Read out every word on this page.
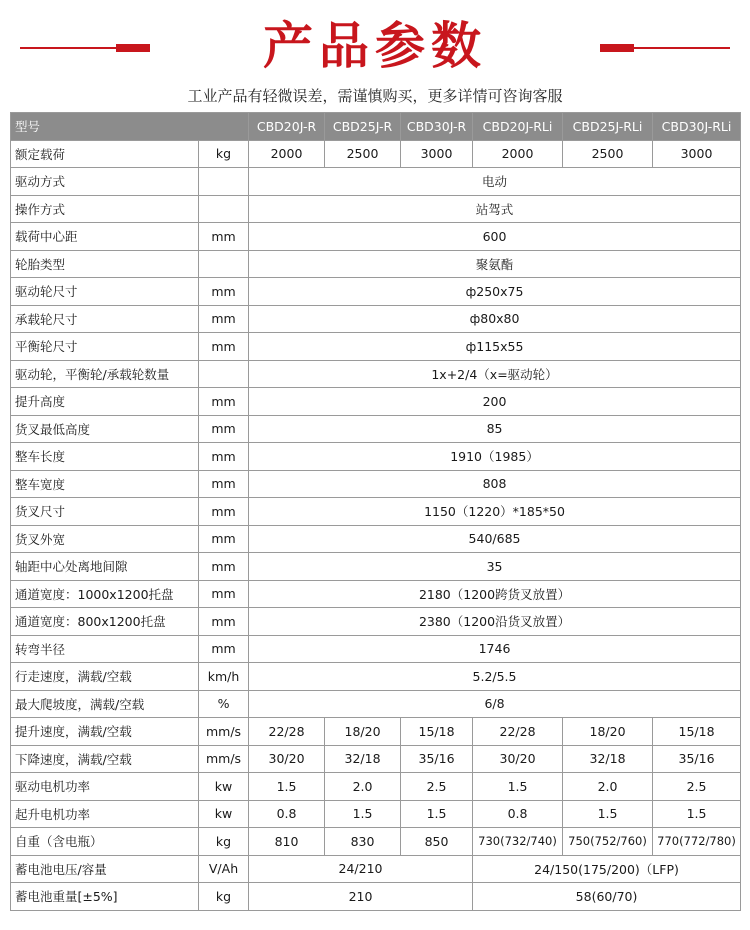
产品参数
工业产品有轻微误差，需谨慎购买，更多详情可咨询客服
型号		CBD20J-R	CBD25J-R	CBD30J-R	CBD20J-RLi	CBD25J-RLi	CBD30J-RLi
额定载荷	kg	2000	2500	3000	2000	2500	3000
驱动方式		电动					
操作方式		站驾式					
载荷中心距	mm	600					
轮胎类型		聚氨酯					
驱动轮尺寸	mm	ф250x75					
承载轮尺寸	mm	ф80x80					
平衡轮尺寸	mm	ф115x55					
驱动轮，平衡轮/承载轮数量		1x+2/4（x=驱动轮）					
提升高度	mm	200					
货叉最低高度	mm	85					
整车长度	mm	1910（1985）					
整车宽度	mm	808					
货叉尺寸	mm	1150（1220）*185*50					
货叉外宽	mm	540/685					
轴距中心处离地间隙	mm	35					
通道宽度：1000x1200托盘	mm	2180（1200跨货叉放置）					
通道宽度：800x1200托盘	mm	2380（1200沿货叉放置）					
转弯半径	mm	1746					
行走速度，满载/空载	km/h	5.2/5.5					
最大爬坡度，满载/空载	%	6/8					
提升速度，满载/空载	mm/s	22/28	18/20	15/18	22/28	18/20	15/18
下降速度，满载/空载	mm/s	30/20	32/18	35/16	30/20	32/18	35/16
驱动电机功率	kw	1.5	2.0	2.5	1.5	2.0	2.5
起升电机功率	kw	0.8	1.5	1.5	0.8	1.5	1.5
自重（含电瓶）	kg	810	830	850	730(732/740)	750(752/760)	770(772/780)
蓄电池电压/容量	V/Ah	24/210			24/150(175/200)（LFP)		
蓄电池重量[±5%]	kg	210			58(60/70)		
